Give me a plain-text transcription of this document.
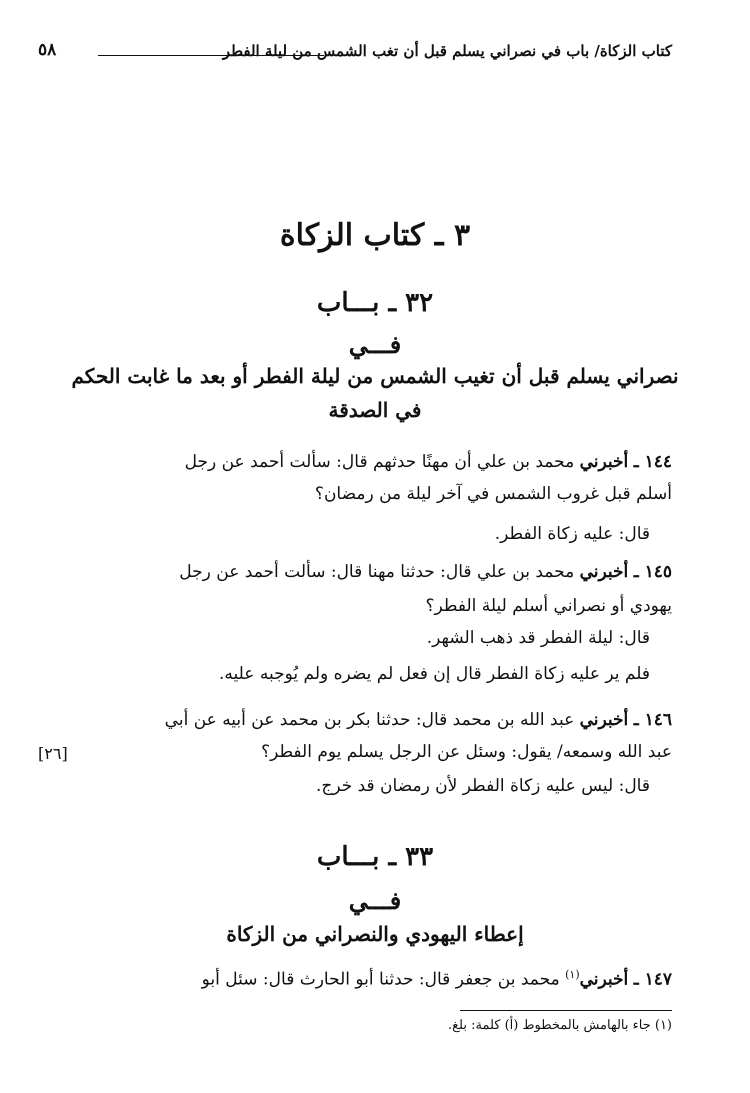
كتاب الزكاة/ باب في نصراني يسلم قبل أن تغب الشمس من ليلة الفطر
٥٨
٣ ـ كتاب الزكاة
٣٢ ـ بـــاب
فـــي
نصراني يسلم قبل أن تغيب الشمس من ليلة الفطر أو بعد ما غابت الحكم
في الصدقة
١٤٤ ـ أخبرني محمد بن علي أن مهنًا حدثهم قال: سألت أحمد عن رجل
أسلم قبل غروب الشمس في آخر ليلة من رمضان؟
قال: عليه زكاة الفطر.
١٤٥ ـ أخبرني محمد بن علي قال: حدثنا مهنا قال: سألت أحمد عن رجل
يهودي أو نصراني أسلم ليلة الفطر؟
قال: ليلة الفطر قد ذهب الشهر.
فلم ير عليه زكاة الفطر قال إن فعل لم يضره ولم يُوجبه عليه.
١٤٦ ـ أخبرني عبد الله بن محمد قال: حدثنا بكر بن محمد عن أبيه عن أبي
عبد الله وسمعه/ يقول: وسئل عن الرجل يسلم يوم الفطر؟
[٢٦]
قال: ليس عليه زكاة الفطر لأن رمضان قد خرج.
٣٣ ـ بـــاب
فـــي
إعطاء اليهودي والنصراني من الزكاة
١٤٧ ـ أخبرني$^{(١)}$ محمد بن جعفر قال: حدثنا أبو الحارث قال: سئل أبو
(١) جاء بالهامش بالمخطوط (أ) كلمة: بلغ.
